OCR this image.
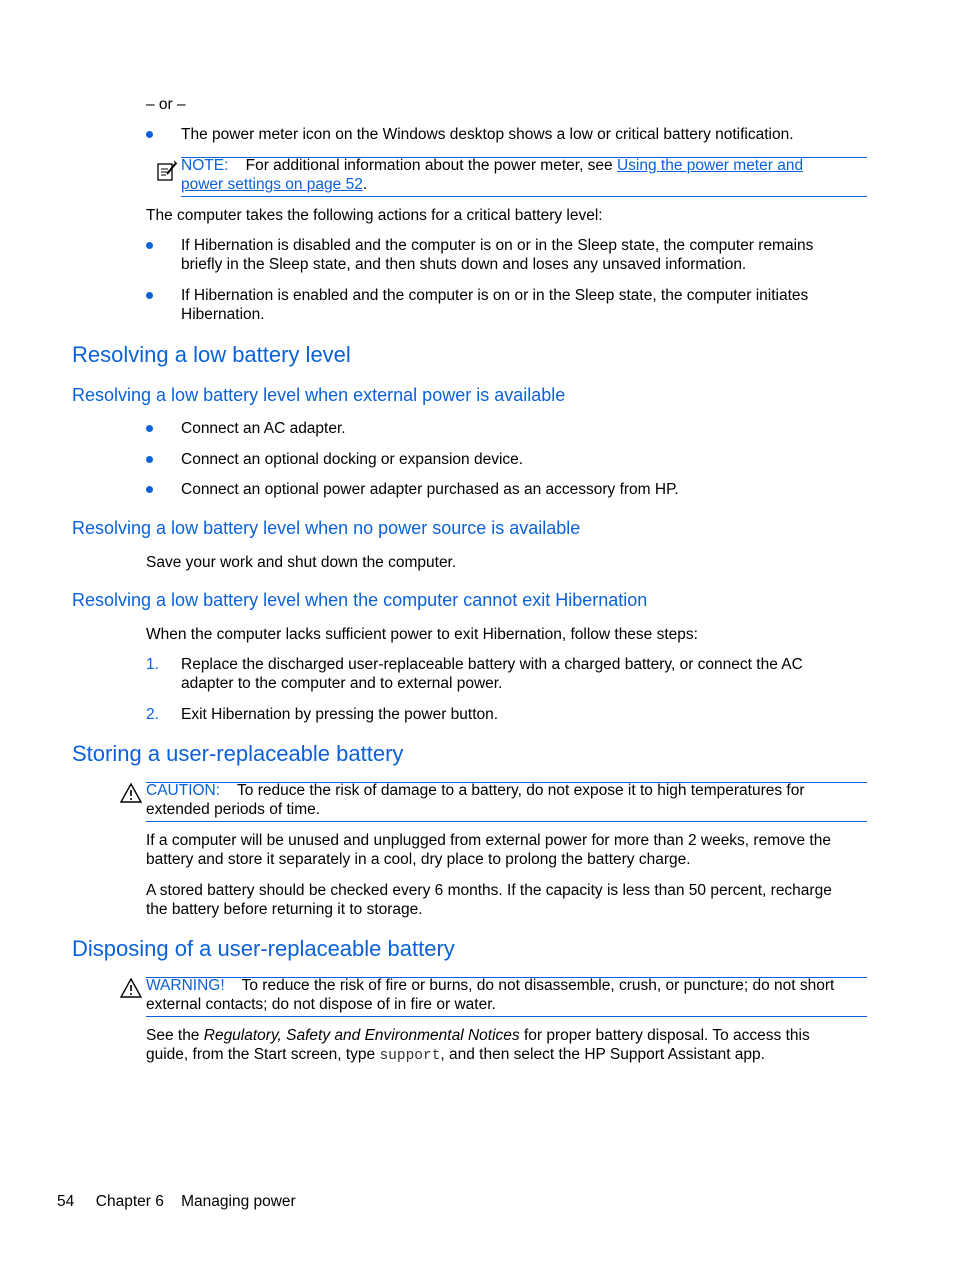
– or –
The power meter icon on the Windows desktop shows a low or critical battery notification.
NOTE: For additional information about the power meter, see Using the power meter and
power settings on page 52.
The computer takes the following actions for a critical battery level:
If Hibernation is disabled and the computer is on or in the Sleep state, the computer remains
briefly in the Sleep state, and then shuts down and loses any unsaved information.
If Hibernation is enabled and the computer is on or in the Sleep state, the computer initiates
Hibernation.
Resolving a low battery level
Resolving a low battery level when external power is available
Connect an AC adapter.
Connect an optional docking or expansion device.
Connect an optional power adapter purchased as an accessory from HP.
Resolving a low battery level when no power source is available
Save your work and shut down the computer.
Resolving a low battery level when the computer cannot exit Hibernation
When the computer lacks sufficient power to exit Hibernation, follow these steps:
1. Replace the discharged user-replaceable battery with a charged battery, or connect the AC
adapter to the computer and to external power.
2. Exit Hibernation by pressing the power button.
Storing a user-replaceable battery
CAUTION: To reduce the risk of damage to a battery, do not expose it to high temperatures for
extended periods of time.
If a computer will be unused and unplugged from external power for more than 2 weeks, remove the
battery and store it separately in a cool, dry place to prolong the battery charge.
A stored battery should be checked every 6 months. If the capacity is less than 50 percent, recharge
the battery before returning it to storage.
Disposing of a user-replaceable battery
WARNING! To reduce the risk of fire or burns, do not disassemble, crush, or puncture; do not short
external contacts; do not dispose of in fire or water.
See the Regulatory, Safety and Environmental Notices for proper battery disposal. To access this
guide, from the Start screen, type support, and then select the HP Support Assistant app.
54 Chapter 6 Managing power
